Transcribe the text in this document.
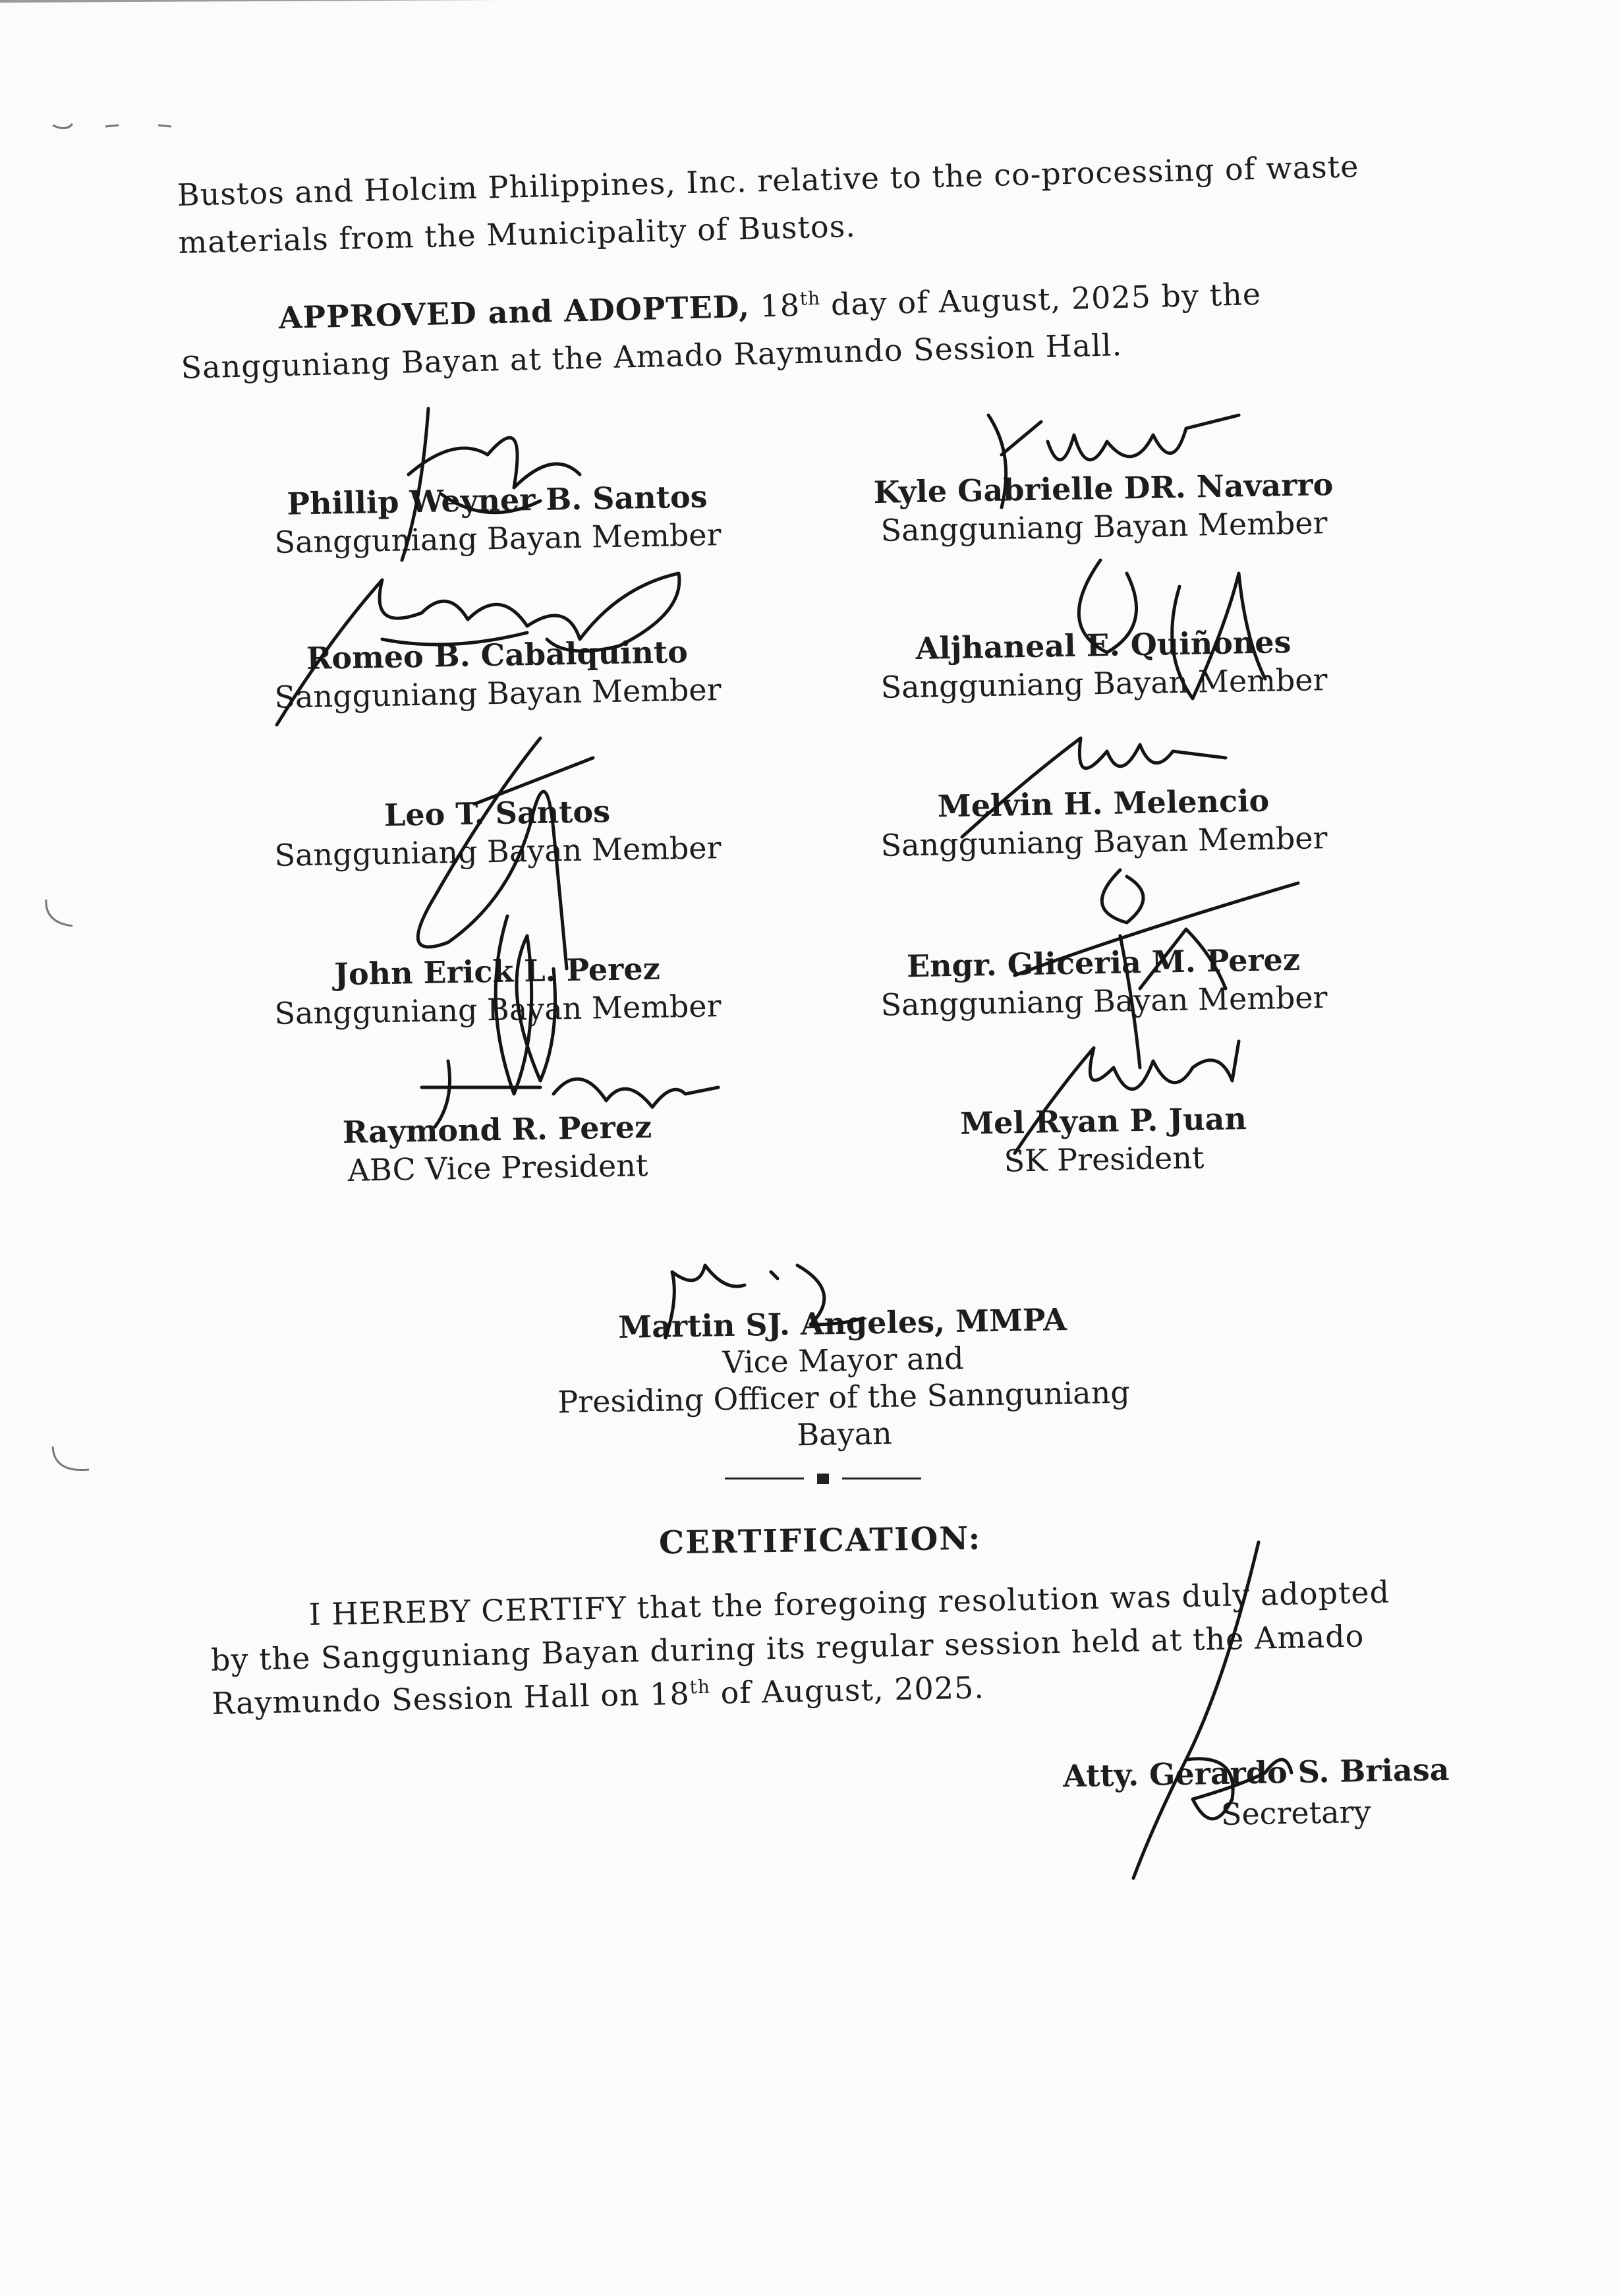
Bustos and Holcim Philippines, Inc. relative to the co-processing of waste
materials from the Municipality of Bustos.
APPROVED and ADOPTED, 18th day of August, 2025 by the
Sangguniang Bayan at the Amado Raymundo Session Hall.
Phillip Weyner B. Santos
Sangguniang Bayan Member
Romeo B. Cabalquinto
Sangguniang Bayan Member
Leo T. Santos
Sangguniang Bayan Member
John Erick L. Perez
Sangguniang Bayan Member
Raymond R. Perez
ABC Vice President
Kyle Gabrielle DR. Navarro
Sangguniang Bayan Member
Aljhaneal E. Quiñones
Sangguniang Bayan Member
Melvin H. Melencio
Sangguniang Bayan Member
Engr. Gliceria M. Perez
Sangguniang Bayan Member
Mel Ryan P. Juan
SK President
Martin SJ. Angeles, MMPA
Vice Mayor and
Presiding Officer of the Sannguniang Bayan
CERTIFICATION:
I HEREBY CERTIFY that the foregoing resolution was duly adopted
by the Sangguniang Bayan during its regular session held at the Amado
Raymundo Session Hall on 18th of August, 2025.
Atty. Gerardo S. Briasa
Secretary
